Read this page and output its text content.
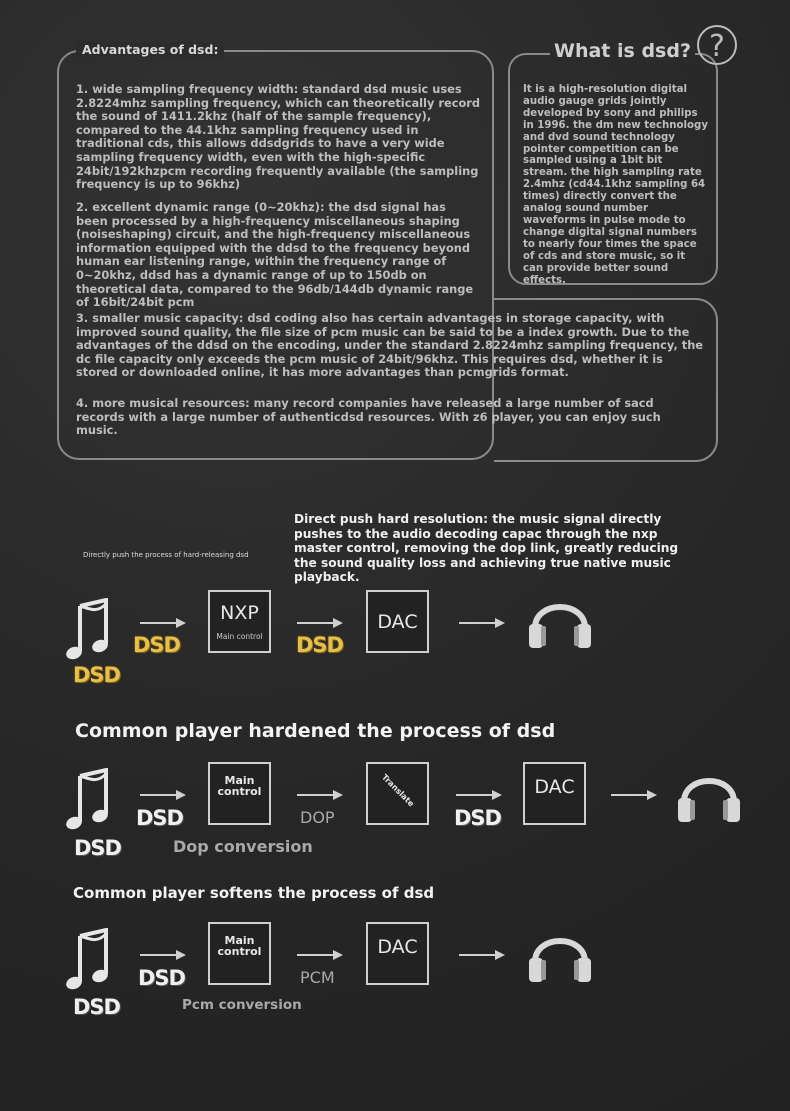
Advantages of dsd:
1. wide sampling frequency width: standard dsd music uses 2.8224mhz sampling frequency, which can theoretically record the sound of 1411.2khz (half of the sample frequency), compared to the 44.1khz sampling frequency used in traditional cds, this allows ddsdgrids to have a very wide sampling frequency width, even with the high-specific 24bit/192khzpcm recording frequently available (the sampling frequency is up to 96khz)
2. excellent dynamic range (0~20khz): the dsd signal has been processed by a high-frequency miscellaneous shaping (noiseshaping) circuit, and the high-frequency miscellaneous information equipped with the ddsd to the frequency beyond human ear listening range, within the frequency range of 0~20khz, ddsd has a dynamic range of up to 150db on theoretical data, compared to the 96db/144db dynamic range of 16bit/24bit pcm
3. smaller music capacity: dsd coding also has certain advantages in storage capacity, with improved sound quality, the file size of pcm music can be said to be a index growth. Due to the advantages of the ddsd on the encoding, under the standard 2.8224mhz sampling frequency, the dc file capacity only exceeds the pcm music of 24bit/96khz. This requires dsd, whether it is stored or downloaded online, it has more advantages than pcmgrids format.
4. more musical resources: many record companies have released a large number of sacd records with a large number of authenticdsd resources. With z6 player, you can enjoy such music.
What is dsd? ?
It is a high-resolution digital audio gauge grids jointly developed by sony and philips in 1996. the dm new technology and dvd sound technology pointer competition can be sampled using a 1bit bit stream. the high sampling rate 2.4mhz (cd44.1khz sampling 64 times) directly convert the analog sound number waveforms in pulse mode to change digital signal numbers to nearly four times the space of cds and store music, so it can provide better sound effects.
Directly push the process of hard-releasing dsd
Direct push hard resolution: the music signal directly pushes to the audio decoding capac through the nxp master control, removing the dop link, greatly reducing the sound quality loss and achieving true native music playback.
DSD
DSD
NXP
Main control DSD
DAC
Common player hardened the process of dsd
DSD
DSD
Main
control
DOP
Translate
DSD
DAC
Dop conversion
Common player softens the process of dsd
DSD
DSD
Main
control
PCM
DAC
Pcm conversion
